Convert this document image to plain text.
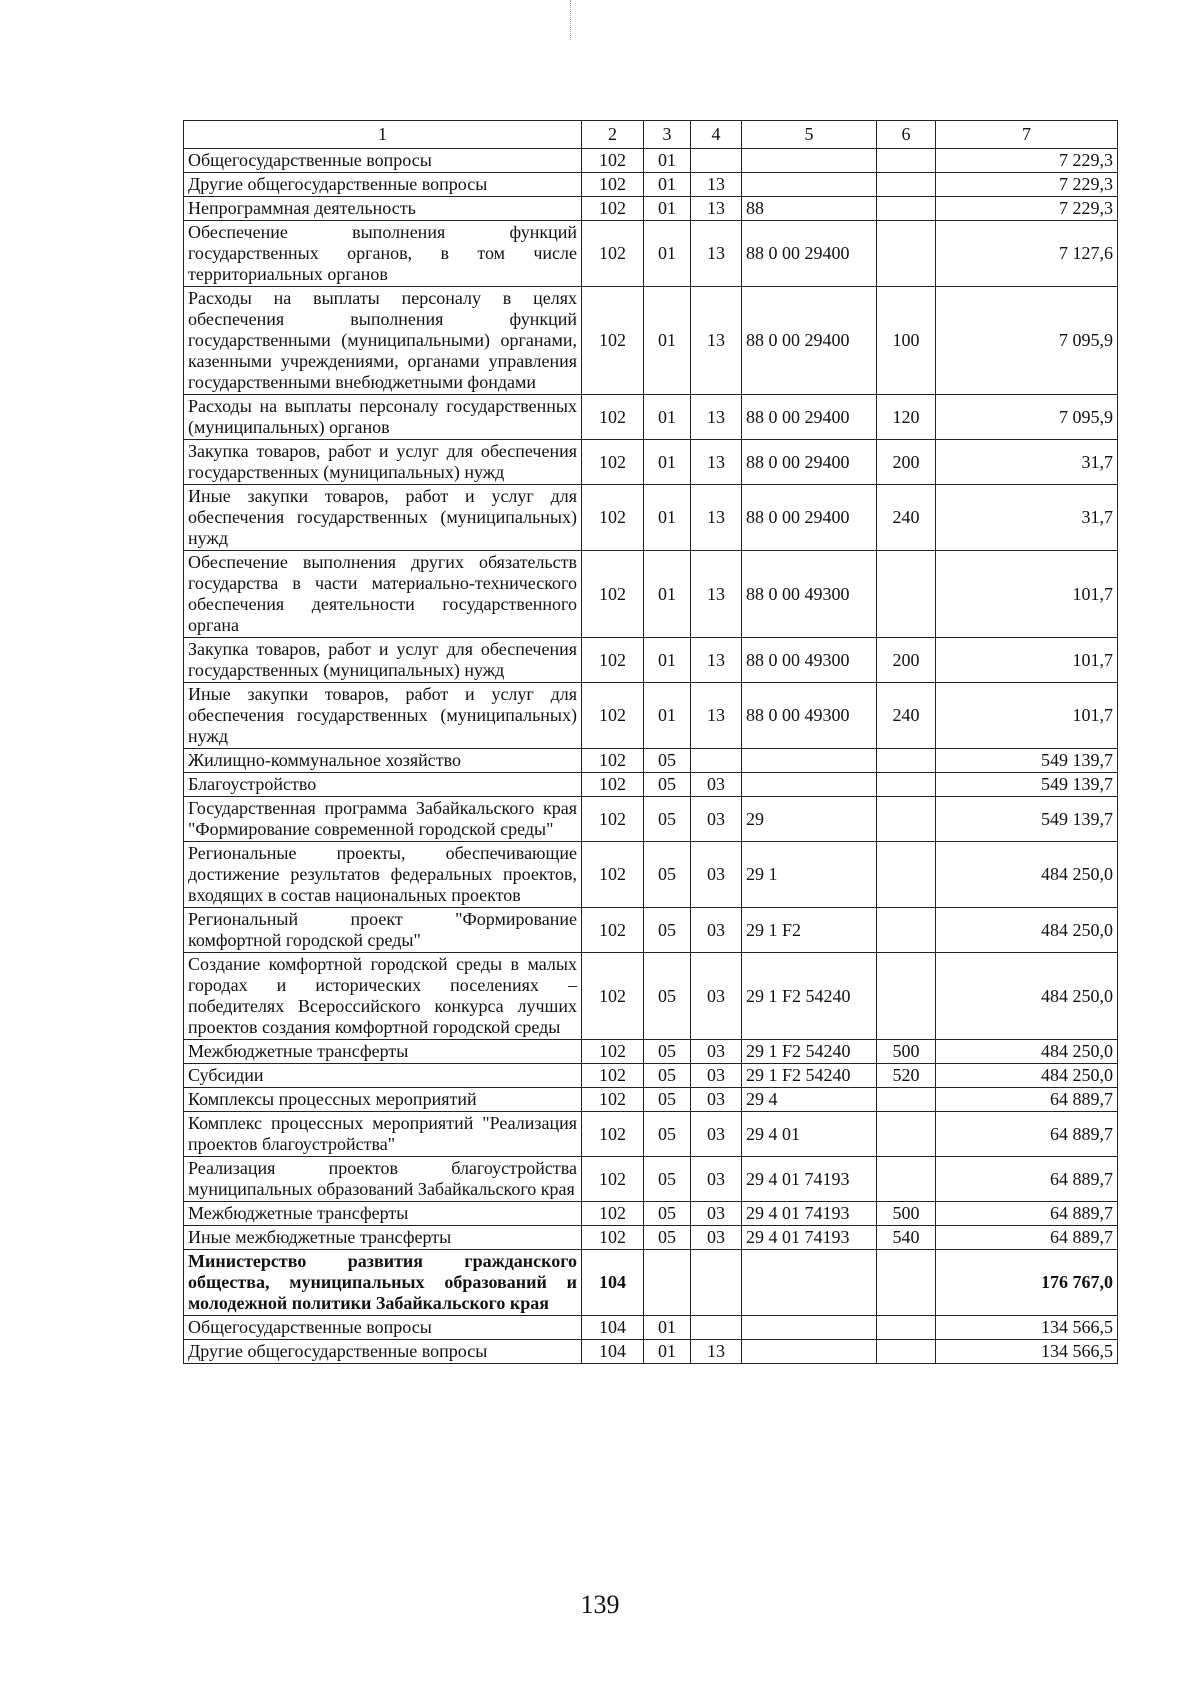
1	2	3	4	5	6	7
Общегосударственные вопросы	102	01				7 229,3
Другие общегосударственные вопросы	102	01	13			7 229,3
Непрограммная деятельность	102	01	13	88		7 229,3
Обеспечение выполнения функций государственных органов, в том числе территориальных органов	102	01	13	88 0 00 29400		7 127,6
Расходы на выплаты персоналу в целях обеспечения выполнения функций государственными (муниципальными) органами, казенными учреждениями, органами управления государственными внебюджетными фондами	102	01	13	88 0 00 29400	100	7 095,9
Расходы на выплаты персоналу государственных (муниципальных) органов	102	01	13	88 0 00 29400	120	7 095,9
Закупка товаров, работ и услуг для обеспечения государственных (муниципальных) нужд	102	01	13	88 0 00 29400	200	31,7
Иные закупки товаров, работ и услуг для обеспечения государственных (муниципальных) нужд	102	01	13	88 0 00 29400	240	31,7
Обеспечение выполнения других обязательств государства в части материально-технического обеспечения деятельности государственного органа	102	01	13	88 0 00 49300		101,7
Закупка товаров, работ и услуг для обеспечения государственных (муниципальных) нужд	102	01	13	88 0 00 49300	200	101,7
Иные закупки товаров, работ и услуг для обеспечения государственных (муниципальных) нужд	102	01	13	88 0 00 49300	240	101,7
Жилищно-коммунальное хозяйство	102	05				549 139,7
Благоустройство	102	05	03			549 139,7
Государственная программа Забайкальского края "Формирование современной городской среды"	102	05	03	29		549 139,7
Региональные проекты, обеспечивающие достижение результатов федеральных проектов, входящих в состав национальных проектов	102	05	03	29 1		484 250,0
Региональный проект "Формирование комфортной городской среды"	102	05	03	29 1 F2		484 250,0
Создание комфортной городской среды в малых городах и исторических поселениях – победителях Всероссийского конкурса лучших проектов создания комфортной городской среды	102	05	03	29 1 F2 54240		484 250,0
Межбюджетные трансферты	102	05	03	29 1 F2 54240	500	484 250,0
Субсидии	102	05	03	29 1 F2 54240	520	484 250,0
Комплексы процессных мероприятий	102	05	03	29 4		64 889,7
Комплекс процессных мероприятий "Реализация проектов благоустройства"	102	05	03	29 4 01		64 889,7
Реализация проектов благоустройства муниципальных образований Забайкальского края	102	05	03	29 4 01 74193		64 889,7
Межбюджетные трансферты	102	05	03	29 4 01 74193	500	64 889,7
Иные межбюджетные трансферты	102	05	03	29 4 01 74193	540	64 889,7
Министерство развития гражданского общества, муниципальных образований и молодежной политики Забайкальского края	104					176 767,0
Общегосударственные вопросы	104	01				134 566,5
Другие общегосударственные вопросы	104	01	13			134 566,5
139
